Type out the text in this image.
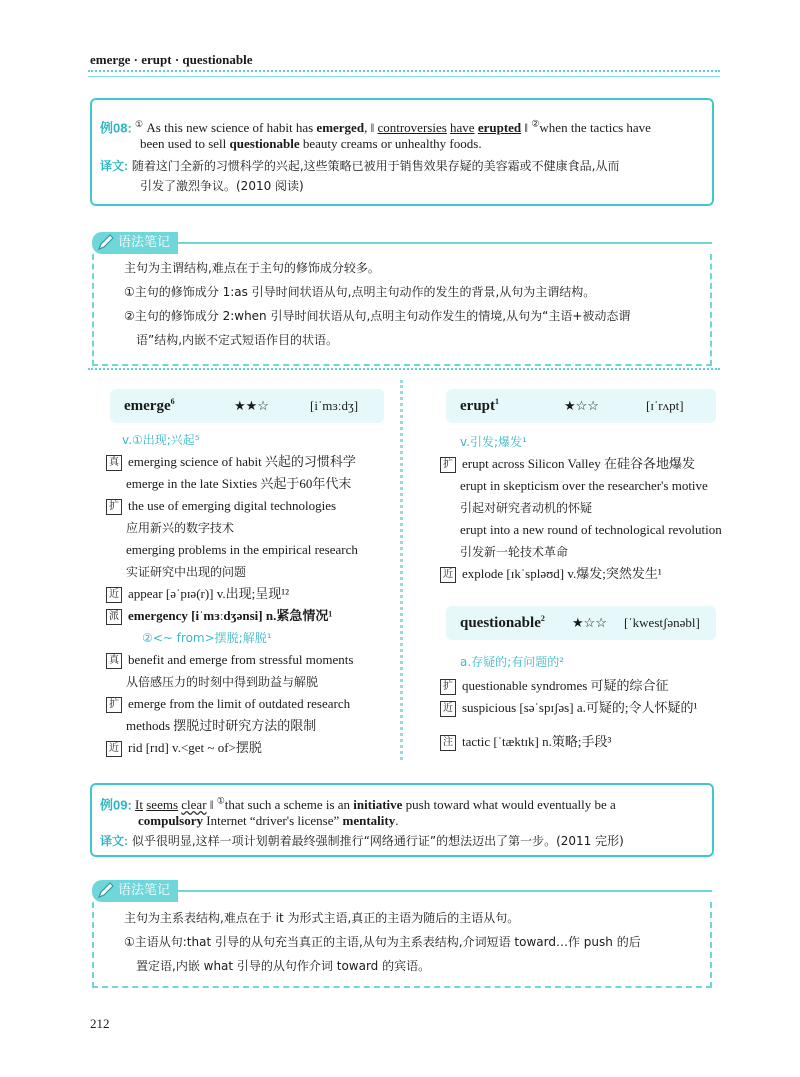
emerge · erupt · questionable
例08: ① As this new science of habit has emerged, ‖ controversies have erupted ‖ ②when the tactics have
been used to sell questionable beauty creams or unhealthy foods.
译文: 随着这门全新的习惯科学的兴起,这些策略已被用于销售效果存疑的美容霜或不健康食品,从而
引发了激烈争议。(2010 阅读)
语法笔记
主句为主谓结构,难点在于主句的修饰成分较多。
①主句的修饰成分 1:as 引导时间状语从句,点明主句动作的发生的背景,从句为主谓结构。
②主句的修饰成分 2:when 引导时间状语从句,点明主句动作发生的情境,从句为“主语+被动态谓
语”结构,内嵌不定式短语作目的状语。
emerge$^6$	★★☆	[iˈmɜːdʒ]
v.①出现;兴起⁵
真 emerging science of habit 兴起的习惯科学
emerge in the late Sixties 兴起于60年代末
扩 the use of emerging digital technologies
应用新兴的数字技术
emerging problems in the empirical research
实证研究中出现的问题
近 appear [əˈpɪə(r)] v.出现;呈现¹²
派 emergency [iˈmɜːdʒənsi] n.紧急情况¹
②<~ from>摆脱;解脱¹
真 benefit and emerge from stressful moments
从倍感压力的时刻中得到助益与解脱
扩 emerge from the limit of outdated research
methods 摆脱过时研究方法的限制
近 rid [rɪd] v.<get ~ of>摆脱
erupt$^1$	★☆☆	[ɪˈrʌpt]
v.引发;爆发¹
扩 erupt across Silicon Valley 在硅谷各地爆发
erupt in skepticism over the researcher's motive
引起对研究者动机的怀疑
erupt into a new round of technological revolution
引发新一轮技术革命
近 explode [ɪkˈspləʊd] v.爆发;突然发生¹
questionable$^2$ ★☆☆ [ˈkwestʃənəbl]
a.存疑的;有问题的²
扩 questionable syndromes 可疑的综合征
近 suspicious [səˈspɪʃəs] a.可疑的;令人怀疑的¹
注 tactic [ˈtæktɪk] n.策略;手段³
例09: It seems clear ‖ ①that such a scheme is an initiative push toward what would eventually be a
compulsory Internet “driver's license” mentality.
译文: 似乎很明显,这样一项计划朝着最终强制推行“网络通行证”的想法迈出了第一步。(2011 完形)
语法笔记
主句为主系表结构,难点在于 it 为形式主语,真正的主语为随后的主语从句。
①主语从句:that 引导的从句充当真正的主语,从句为主系表结构,介词短语 toward…作 push 的后
置定语,内嵌 what 引导的从句作介词 toward 的宾语。
212
